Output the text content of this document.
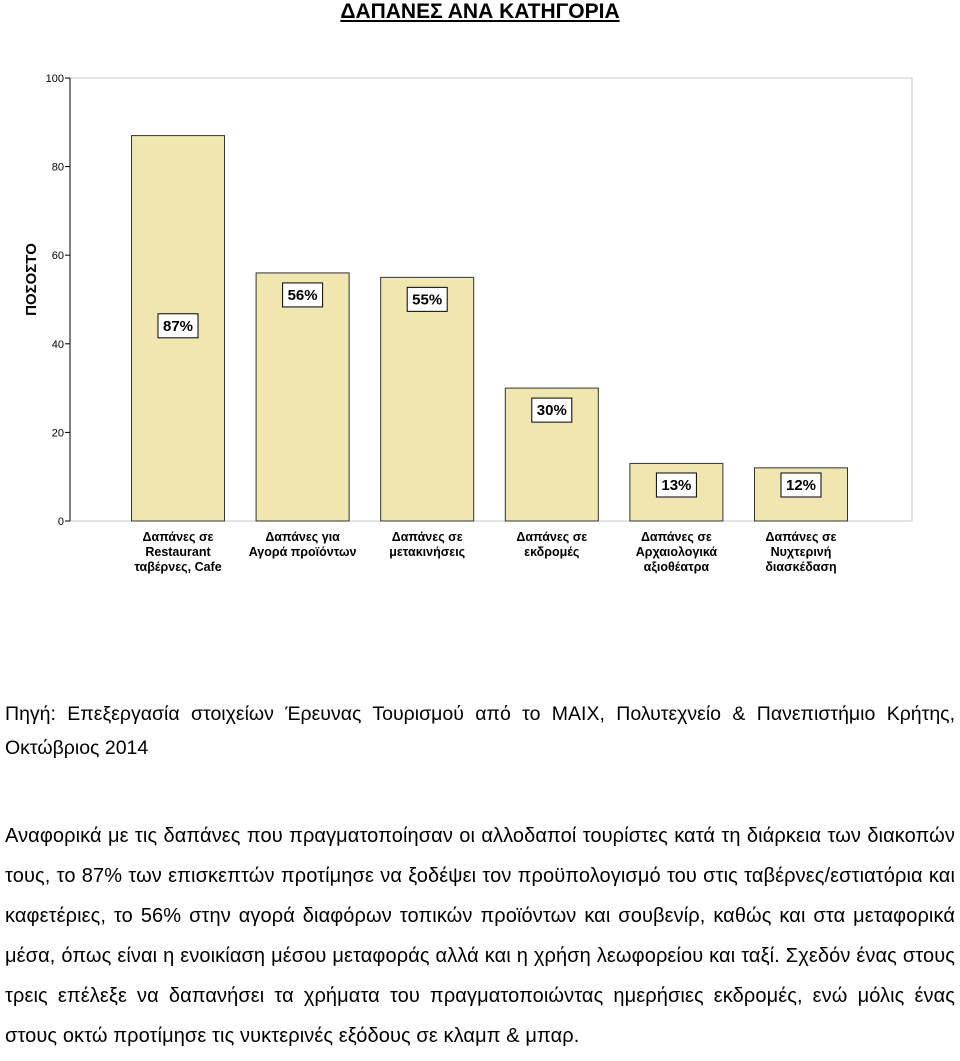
ΔΑΠΑΝΕΣ ΑΝΑ ΚΑΤΗΓΟΡΙΑ
0
20
40
60
80
100
ΠΟΣΟΣΤΟ
87%
Δαπάνες σε
Restaurant
ταβέρνες, Cafe
56%
Δαπάνες για
Αγορά προϊόντων
55%
Δαπάνες σε
μετακινήσεις
30%
Δαπάνες σε
εκδρομές
13%
Δαπάνες σε
Αρχαιολογικά
αξιοθέατρα
12%
Δαπάνες σε
Νυχτερινή
διασκέδαση
Πηγή: Επεξεργασία στοιχείων Έρευνας Τουρισμού από το ΜΑΙΧ, Πολυτεχνείο & Πανεπιστήμιο Κρήτης, Οκτώβριος 2014
Αναφορικά με τις δαπάνες που πραγματοποίησαν οι αλλοδαποί τουρίστες κατά τη διάρκεια των διακοπών τους, το 87% των επισκεπτών προτίμησε να ξοδέψει τον προϋπολογισμό του στις ταβέρνες/εστιατόρια και καφετέριες, το 56% στην αγορά διαφόρων τοπικών προϊόντων και σουβενίρ, καθώς και στα μεταφορικά μέσα, όπως είναι η ενοικίαση μέσου μεταφοράς αλλά και η χρήση λεωφορείου και ταξί. Σχεδόν ένας στους τρεις επέλεξε να δαπανήσει τα χρήματα του πραγματοποιώντας ημερήσιες εκδρομές, ενώ μόλις ένας στους οκτώ προτίμησε τις νυκτερινές εξόδους σε κλαμπ & μπαρ.
